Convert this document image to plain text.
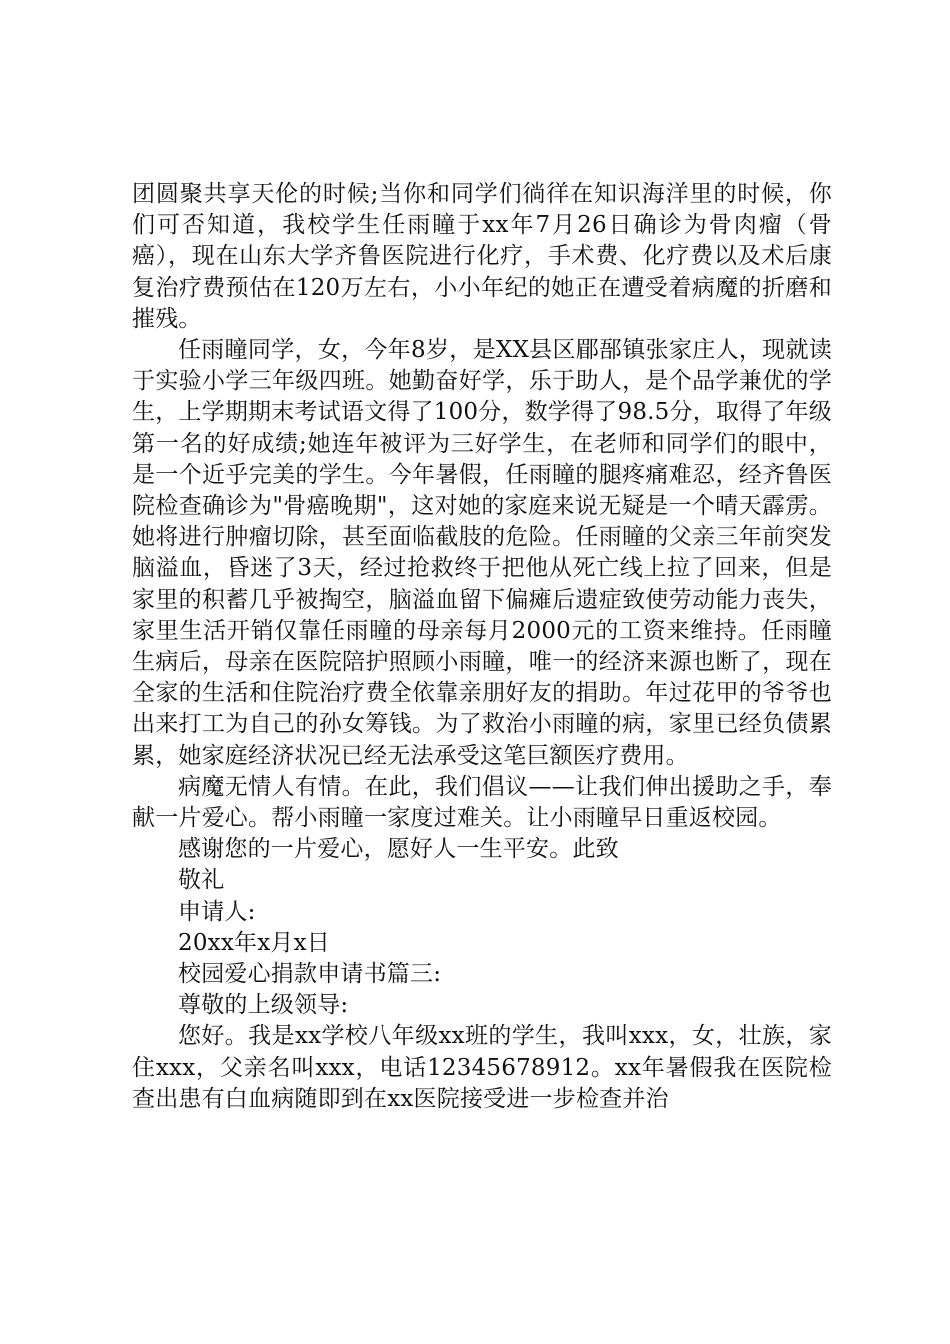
团圆聚共享天伦的时候;当你和同学们徜徉在知识海洋里的时候，你们可否知道，我校学生任雨瞳于xx年7月26日确诊为骨肉瘤（骨癌），现在山东大学齐鲁医院进行化疗，手术费、化疗费以及术后康复治疗费预估在120万左右，小小年纪的她正在遭受着病魔的折磨和摧残。

任雨瞳同学，女，今年8岁，是XX县区郿郚镇张家庄人，现就读于实验小学三年级四班。她勤奋好学，乐于助人，是个品学兼优的学生，上学期期末考试语文得了100分，数学得了98.5分，取得了年级第一名的好成绩;她连年被评为三好学生，在老师和同学们的眼中，是一个近乎完美的学生。今年暑假，任雨瞳的腿疼痛难忍，经齐鲁医院检查确诊为"骨癌晚期"，这对她的家庭来说无疑是一个晴天霹雳。她将进行肿瘤切除，甚至面临截肢的危险。任雨瞳的父亲三年前突发脑溢血，昏迷了3天，经过抢救终于把他从死亡线上拉了回来，但是家里的积蓄几乎被掏空，脑溢血留下偏瘫后遗症致使劳动能力丧失，家里生活开销仅靠任雨瞳的母亲每月2000元的工资来维持。任雨瞳生病后，母亲在医院陪护照顾小雨瞳，唯一的经济来源也断了，现在全家的生活和住院治疗费全依靠亲朋好友的捐助。年过花甲的爷爷也出来打工为自己的孙女筹钱。为了救治小雨瞳的病，家里已经负债累累，她家庭经济状况已经无法承受这笔巨额医疗费用。

病魔无情人有情。在此，我们倡议——让我们伸出援助之手，奉献一片爱心。帮小雨瞳一家度过难关。让小雨瞳早日重返校园。

感谢您的一片爱心，愿好人一生平安。此致

敬礼

申请人:

20xx年x月x日

校园爱心捐款申请书篇三:

尊敬的上级领导:

您好。我是xx学校八年级xx班的学生，我叫xxx，女，壮族，家住xxx，父亲名叫xxx，电话12345678912。xx年暑假我在医院检查出患有白血病随即到在xx医院接受进一步检查并治
